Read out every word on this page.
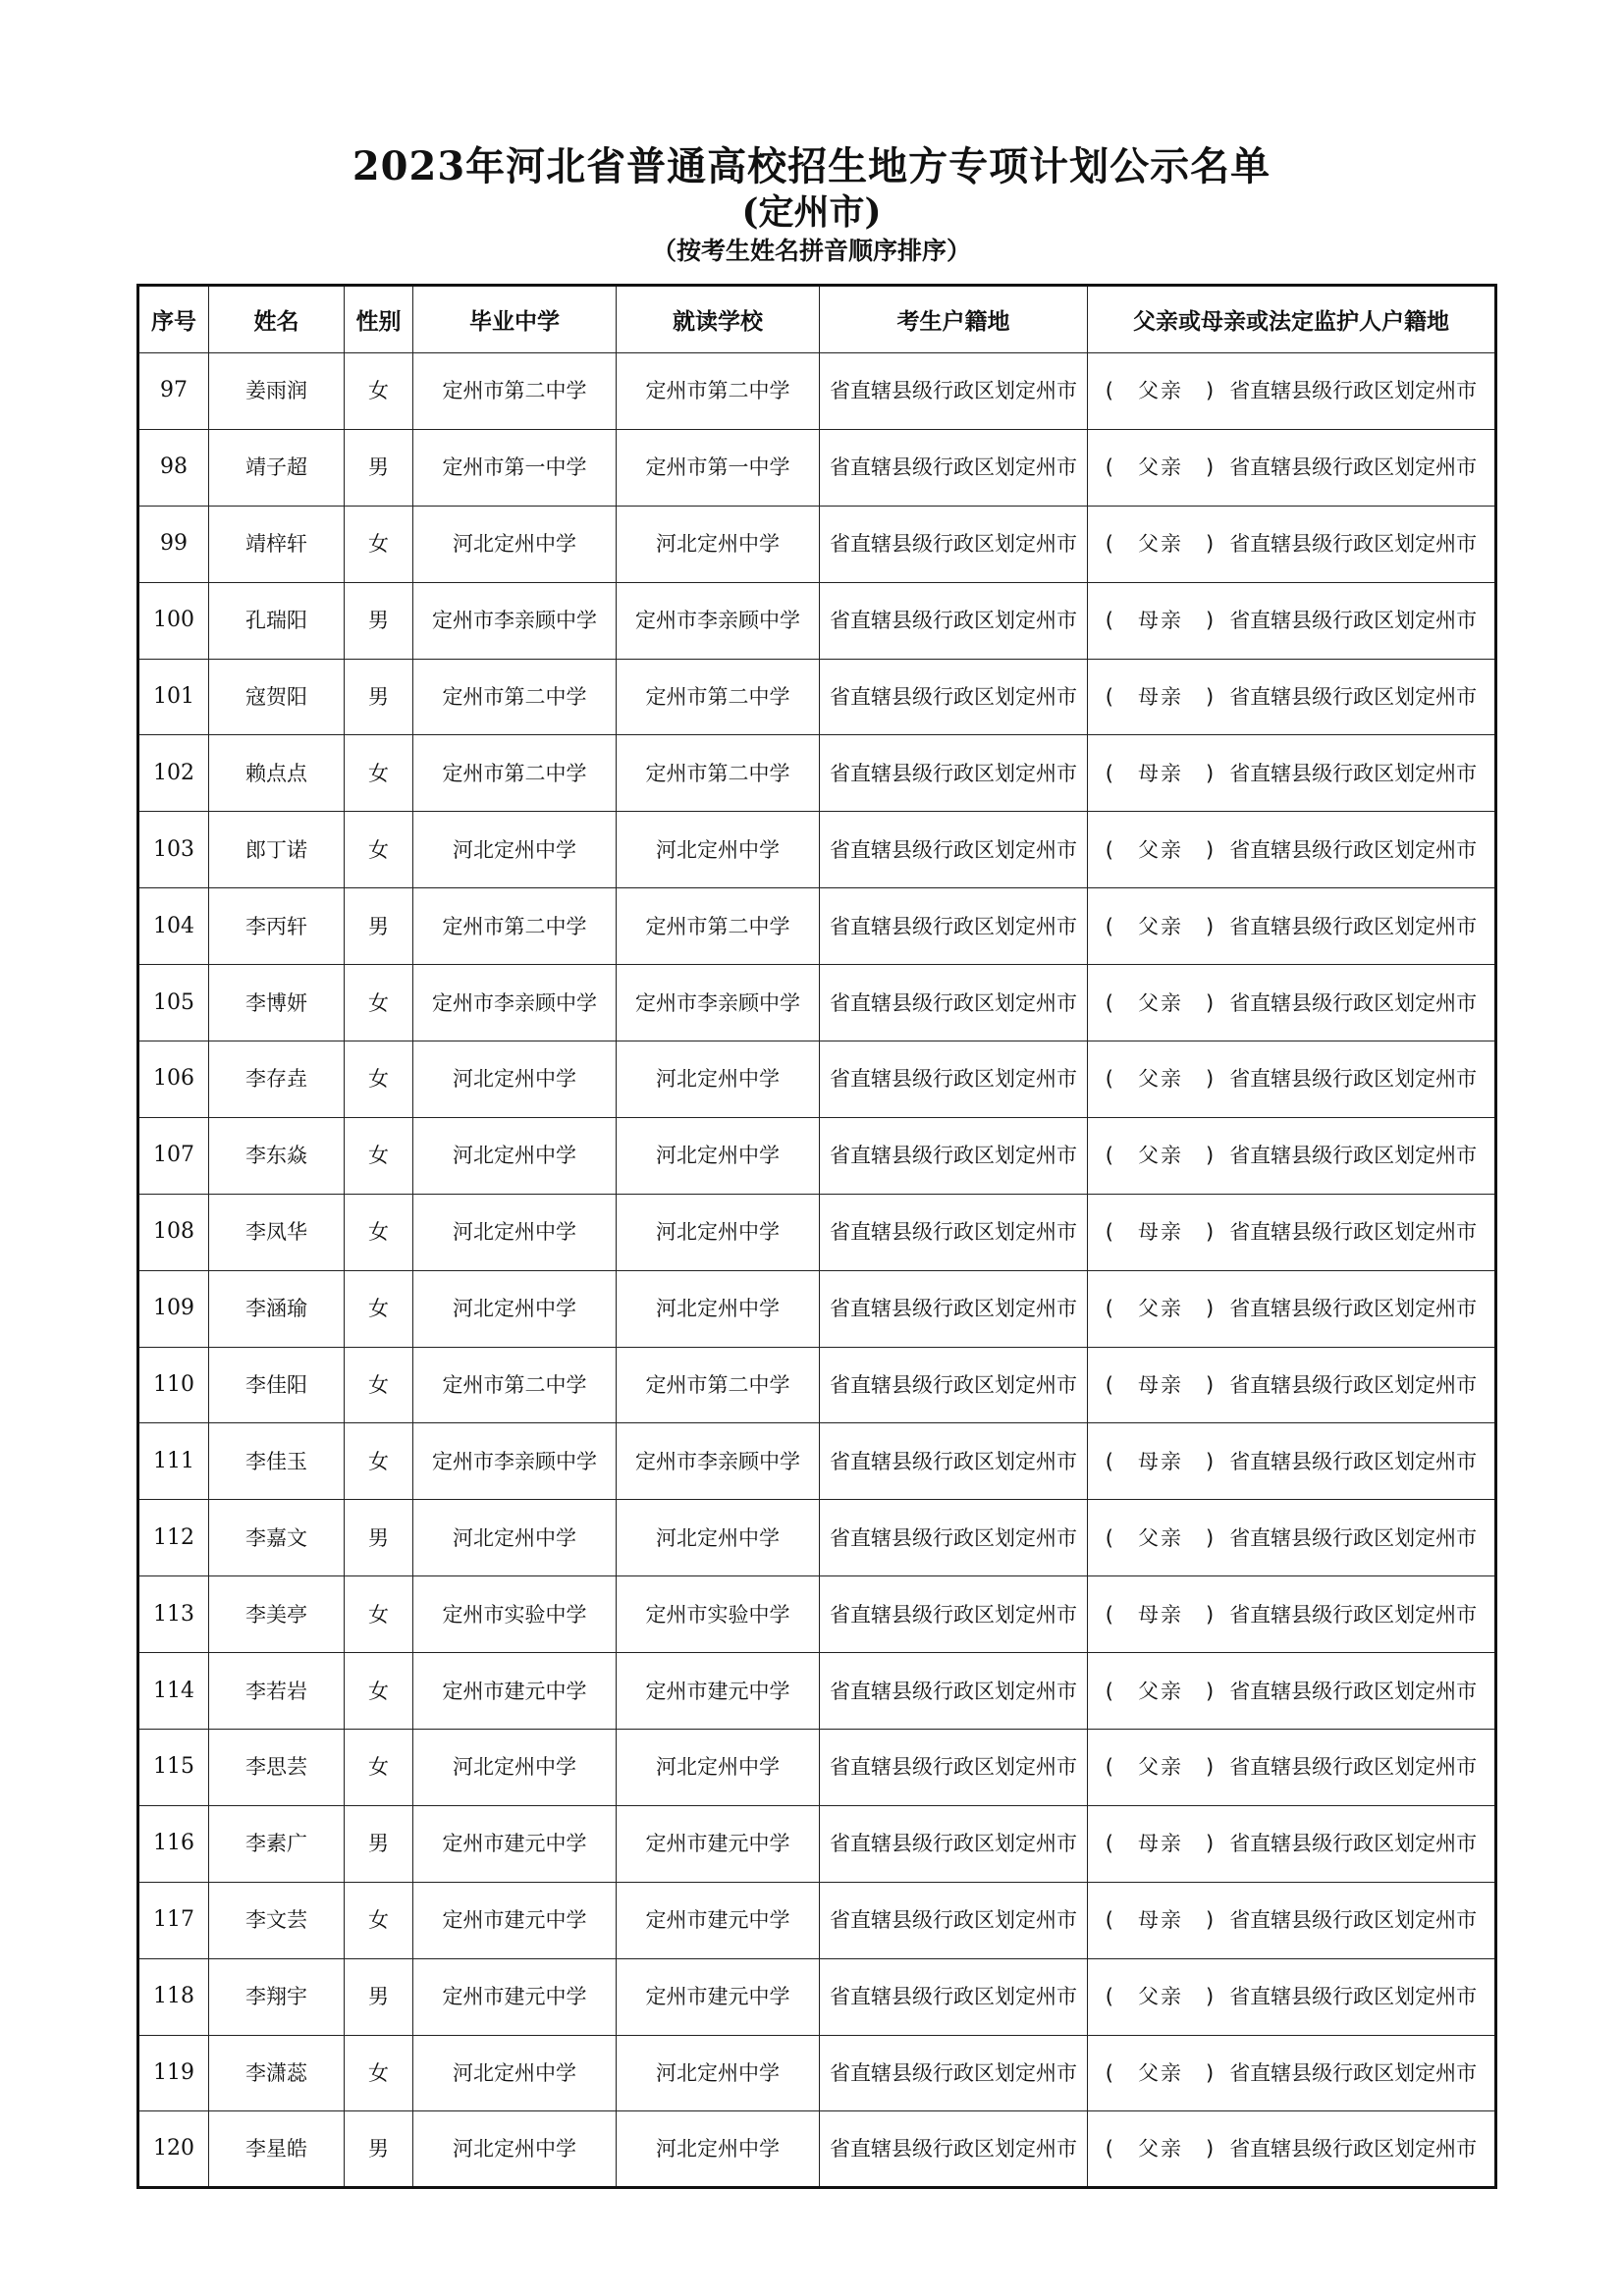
2023年河北省普通高校招生地方专项计划公示名单
(定州市)
（按考生姓名拼音顺序排序）
序号	姓名	性别	毕业中学	就读学校	考生户籍地	父亲或母亲或法定监护人户籍地
97	姜雨润	女	定州市第二中学	定州市第二中学	省直辖县级行政区划定州市	(　父亲　) 省直辖县级行政区划定州市
98	靖子超	男	定州市第一中学	定州市第一中学	省直辖县级行政区划定州市	(　父亲　) 省直辖县级行政区划定州市
99	靖梓轩	女	河北定州中学	河北定州中学	省直辖县级行政区划定州市	(　父亲　) 省直辖县级行政区划定州市
100	孔瑞阳	男	定州市李亲顾中学	定州市李亲顾中学	省直辖县级行政区划定州市	(　母亲　) 省直辖县级行政区划定州市
101	寇贺阳	男	定州市第二中学	定州市第二中学	省直辖县级行政区划定州市	(　母亲　) 省直辖县级行政区划定州市
102	赖点点	女	定州市第二中学	定州市第二中学	省直辖县级行政区划定州市	(　母亲　) 省直辖县级行政区划定州市
103	郎丁诺	女	河北定州中学	河北定州中学	省直辖县级行政区划定州市	(　父亲　) 省直辖县级行政区划定州市
104	李丙轩	男	定州市第二中学	定州市第二中学	省直辖县级行政区划定州市	(　父亲　) 省直辖县级行政区划定州市
105	李博妍	女	定州市李亲顾中学	定州市李亲顾中学	省直辖县级行政区划定州市	(　父亲　) 省直辖县级行政区划定州市
106	李存垚	女	河北定州中学	河北定州中学	省直辖县级行政区划定州市	(　父亲　) 省直辖县级行政区划定州市
107	李东焱	女	河北定州中学	河北定州中学	省直辖县级行政区划定州市	(　父亲　) 省直辖县级行政区划定州市
108	李凤华	女	河北定州中学	河北定州中学	省直辖县级行政区划定州市	(　母亲　) 省直辖县级行政区划定州市
109	李涵瑜	女	河北定州中学	河北定州中学	省直辖县级行政区划定州市	(　父亲　) 省直辖县级行政区划定州市
110	李佳阳	女	定州市第二中学	定州市第二中学	省直辖县级行政区划定州市	(　母亲　) 省直辖县级行政区划定州市
111	李佳玉	女	定州市李亲顾中学	定州市李亲顾中学	省直辖县级行政区划定州市	(　母亲　) 省直辖县级行政区划定州市
112	李嘉文	男	河北定州中学	河北定州中学	省直辖县级行政区划定州市	(　父亲　) 省直辖县级行政区划定州市
113	李美亭	女	定州市实验中学	定州市实验中学	省直辖县级行政区划定州市	(　母亲　) 省直辖县级行政区划定州市
114	李若岩	女	定州市建元中学	定州市建元中学	省直辖县级行政区划定州市	(　父亲　) 省直辖县级行政区划定州市
115	李思芸	女	河北定州中学	河北定州中学	省直辖县级行政区划定州市	(　父亲　) 省直辖县级行政区划定州市
116	李素广	男	定州市建元中学	定州市建元中学	省直辖县级行政区划定州市	(　母亲　) 省直辖县级行政区划定州市
117	李文芸	女	定州市建元中学	定州市建元中学	省直辖县级行政区划定州市	(　母亲　) 省直辖县级行政区划定州市
118	李翔宇	男	定州市建元中学	定州市建元中学	省直辖县级行政区划定州市	(　父亲　) 省直辖县级行政区划定州市
119	李潇蕊	女	河北定州中学	河北定州中学	省直辖县级行政区划定州市	(　父亲　) 省直辖县级行政区划定州市
120	李星皓	男	河北定州中学	河北定州中学	省直辖县级行政区划定州市	(　父亲　) 省直辖县级行政区划定州市
